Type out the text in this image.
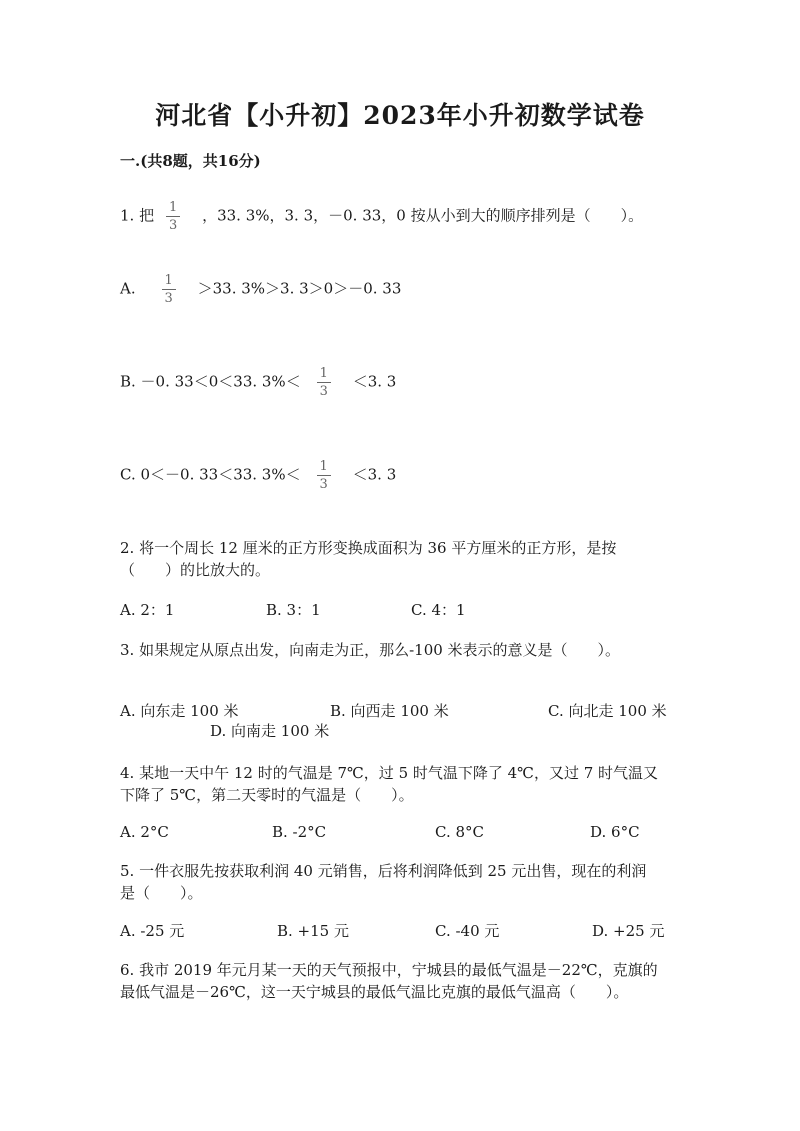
河北省【小升初】2023年小升初数学试卷
一.(共8题，共16分)
1. 把 $\frac{1}{3}$ ，33. 3%，3. 3，－0. 33，0 按从小到大的顺序排列是（　　）。
A. $\frac{1}{3} >33$. 3%＞3. 3＞0＞－0. 33
B. －0. 33＜0＜33. $3\%< \frac{1}{3} <3$. 3
C. 0＜－0. 33＜33. $3\%< \frac{1}{3} <3$. 3
2. 将一个周长 12 厘米的正方形变换成面积为 36 平方厘米的正方形，是按
（　　）的比放大的。
A. 2：1	B. 3：1	C. 4：1
3. 如果规定从原点出发，向南走为正，那么-100 米表示的意义是（　　）。
A. 向东走 100 米	B. 向西走 100 米	C. 向北走 100 米
D. 向南走 100 米
4. 某地一天中午 12 时的气温是 7℃，过 5 时气温下降了 4℃，又过 7 时气温又
下降了 5℃，第二天零时的气温是（　　）。
A. 2°C	B. -2°C	C. 8°C	D. 6°C
5. 一件衣服先按获取利润 40 元销售，后将利润降低到 25 元出售，现在的利润
是（　　）。
A. -25 元	B. +15 元	C. -40 元	D. +25 元
6. 我市 2019 年元月某一天的天气预报中，宁城县的最低气温是－22℃，克旗的
最低气温是－26℃，这一天宁城县的最低气温比克旗的最低气温高（　　）。
